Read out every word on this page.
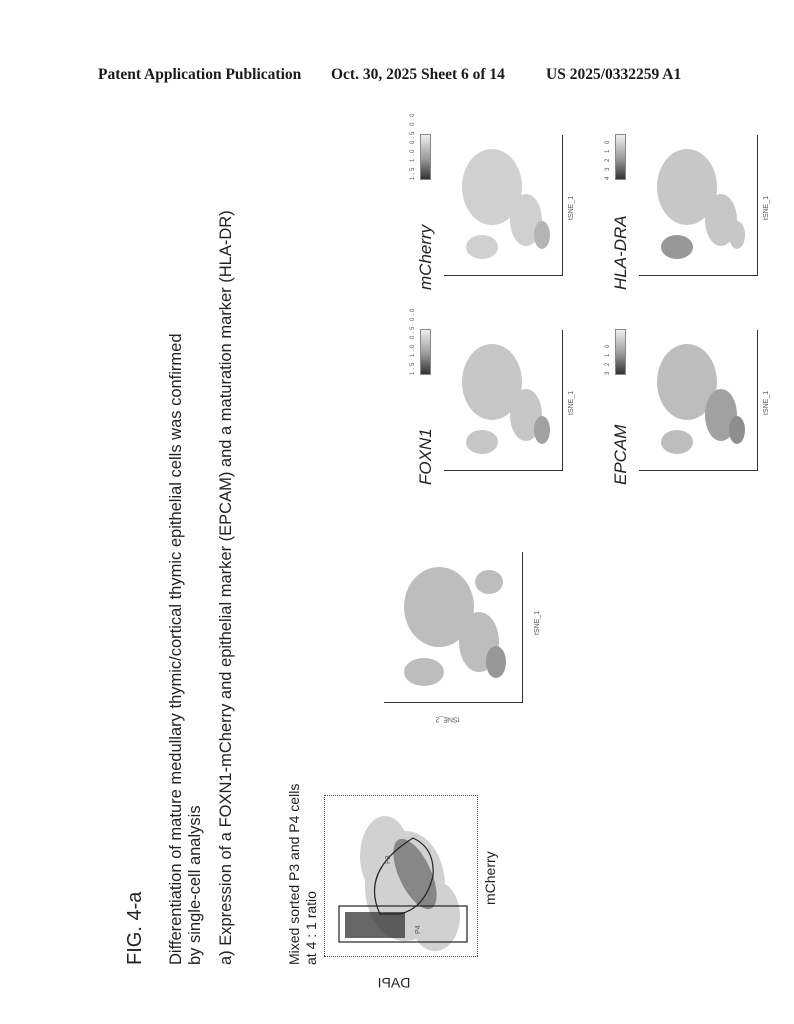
Patent Application Publication Oct. 30, 2025 Sheet 6 of 14	US 2025/0332259 A1
FIG. 4-a Differentiation of mature medullary thymic/cortical thymic epithelial cells was confirmed
by single-cell analysis a) Expression of a FOXN1-mCherry and epithelial marker (EPCAM) and a maturation marker (HLA-DR)	Mixed sorted P3 and P4 cells
at 4 : 1 ratio
DAPI
P3
P4
mCherry
tSNE_2
tSNE_1
FOXN1
1.5 1.0 0.5 0.0
tSNE_1
mCherry
1.5 1.0 0.5 0.0
tSNE_1
EPCAM
3 2 1 0
tSNE_1
HLA-DRA
4 3 2 1 0
tSNE_1
